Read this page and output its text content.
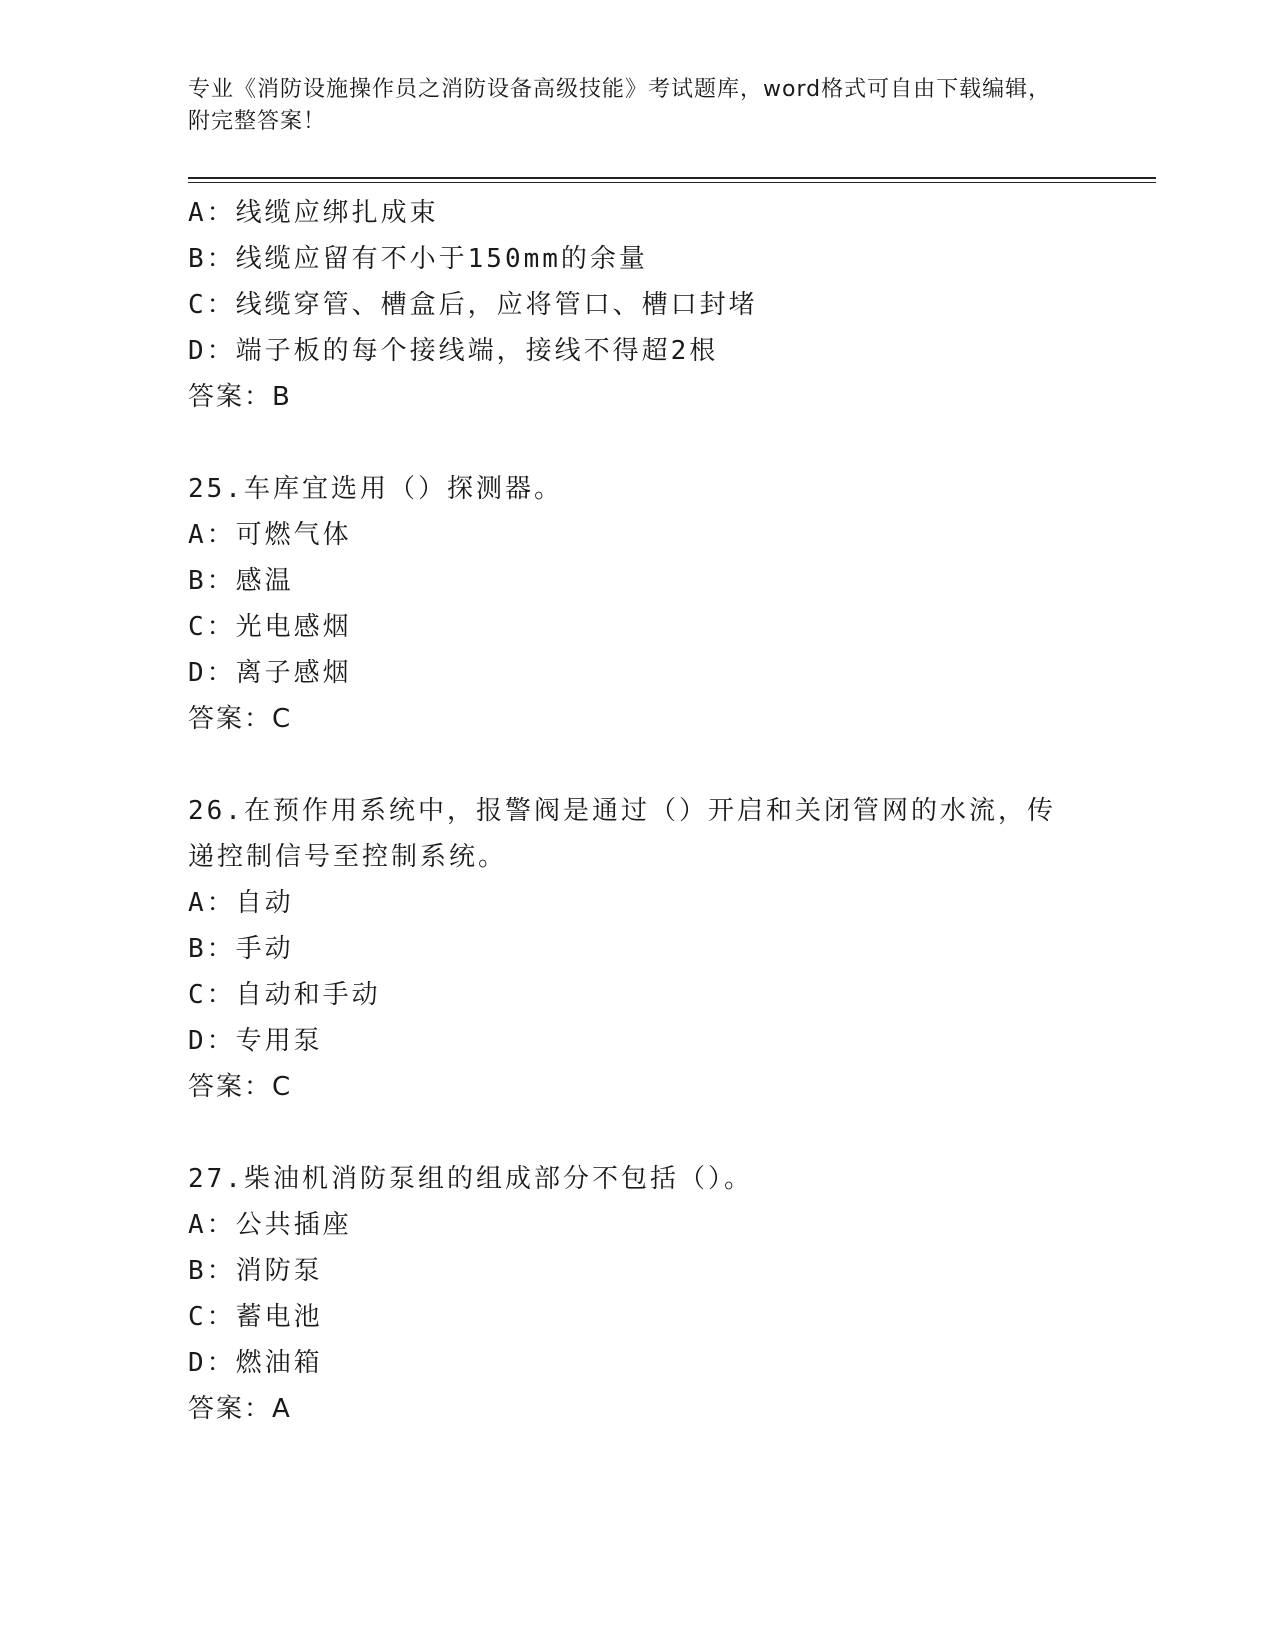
专业《消防设施操作员之消防设备高级技能》考试题库，word格式可自由下载编辑，附完整答案！
A：线缆应绑扎成束
B：线缆应留有不小于150mm的余量
C：线缆穿管、槽盒后，应将管口、槽口封堵
D：端子板的每个接线端，接线不得超2根
答案：B
25.车库宜选用（）探测器。
A：可燃气体
B：感温
C：光电感烟
D：离子感烟
答案：C
26.在预作用系统中，报警阀是通过（）开启和关闭管网的水流，传递控制信号至控制系统。
A：自动
B：手动
C：自动和手动
D：专用泵
答案：C
27.柴油机消防泵组的组成部分不包括（）。
A：公共插座
B：消防泵
C：蓄电池
D：燃油箱
答案：A
